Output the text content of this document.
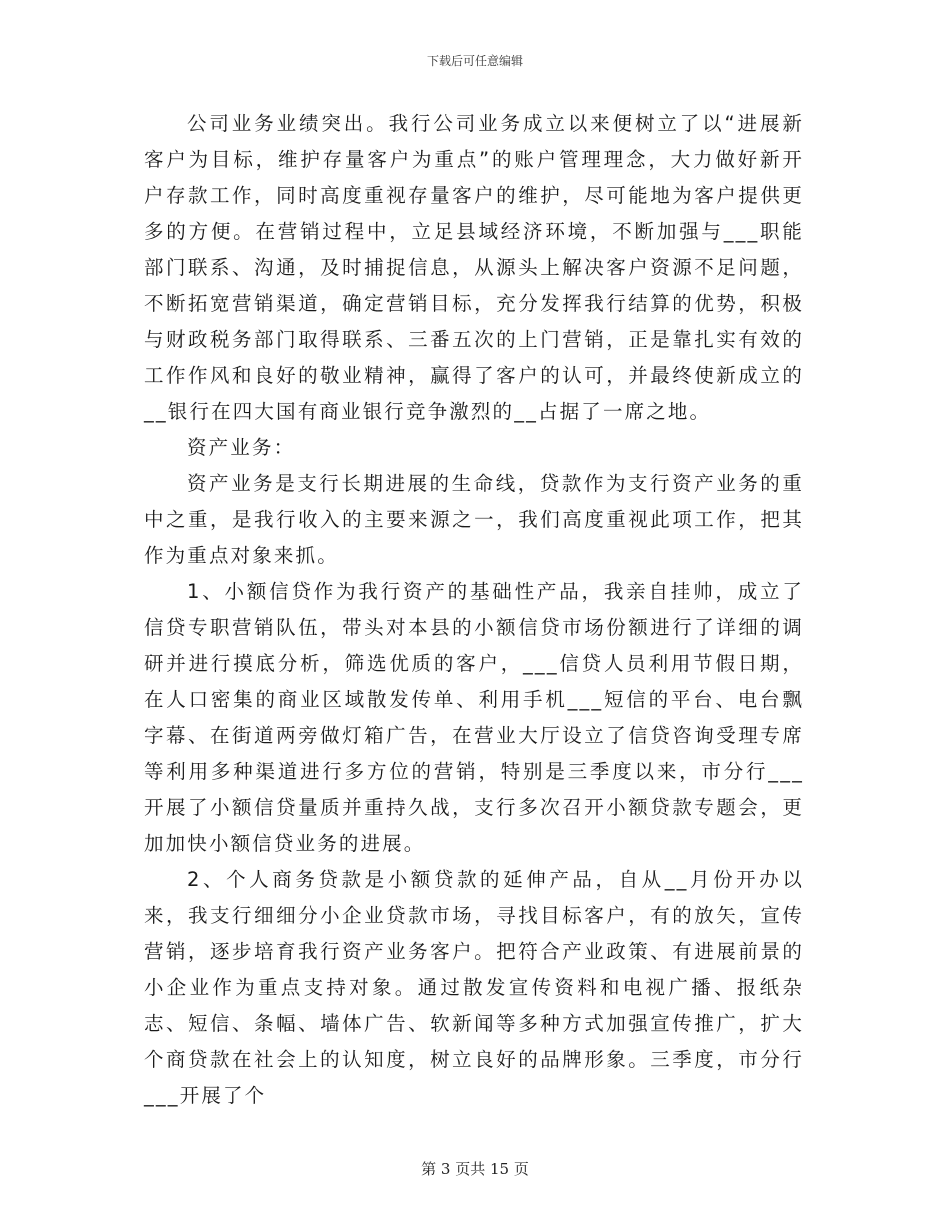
下载后可任意编辑

公司业务业绩突出。我行公司业务成立以来便树立了以“进展新客户为目标，维护存量客户为重点”的账户管理理念，大力做好新开户存款工作，同时高度重视存量客户的维护，尽可能地为客户提供更多的方便。在营销过程中，立足县域经济环境，不断加强与___职能部门联系、沟通，及时捕捉信息，从源头上解决客户资源不足问题，不断拓宽营销渠道，确定营销目标，充分发挥我行结算的优势，积极与财政税务部门取得联系、三番五次的上门营销，正是靠扎实有效的工作作风和良好的敬业精神，赢得了客户的认可，并最终使新成立的__银行在四大国有商业银行竞争激烈的__占据了一席之地。

资产业务：

资产业务是支行长期进展的生命线，贷款作为支行资产业务的重中之重，是我行收入的主要来源之一，我们高度重视此项工作，把其作为重点对象来抓。

1、小额信贷作为我行资产的基础性产品，我亲自挂帅，成立了信贷专职营销队伍，带头对本县的小额信贷市场份额进行了详细的调研并进行摸底分析，筛选优质的客户，___信贷人员利用节假日期，在人口密集的商业区域散发传单、利用手机___短信的平台、电台飘字幕、在街道两旁做灯箱广告，在营业大厅设立了信贷咨询受理专席等利用多种渠道进行多方位的营销，特别是三季度以来，市分行___开展了小额信贷量质并重持久战，支行多次召开小额贷款专题会，更加加快小额信贷业务的进展。

2、个人商务贷款是小额贷款的延伸产品，自从__月份开办以来，我支行细细分小企业贷款市场，寻找目标客户，有的放矢，宣传营销，逐步培育我行资产业务客户。把符合产业政策、有进展前景的小企业作为重点支持对象。通过散发宣传资料和电视广播、报纸杂志、短信、条幅、墙体广告、软新闻等多种方式加强宣传推广，扩大个商贷款在社会上的认知度，树立良好的品牌形象。三季度，市分行___开展了个

第 3 页共 15 页
